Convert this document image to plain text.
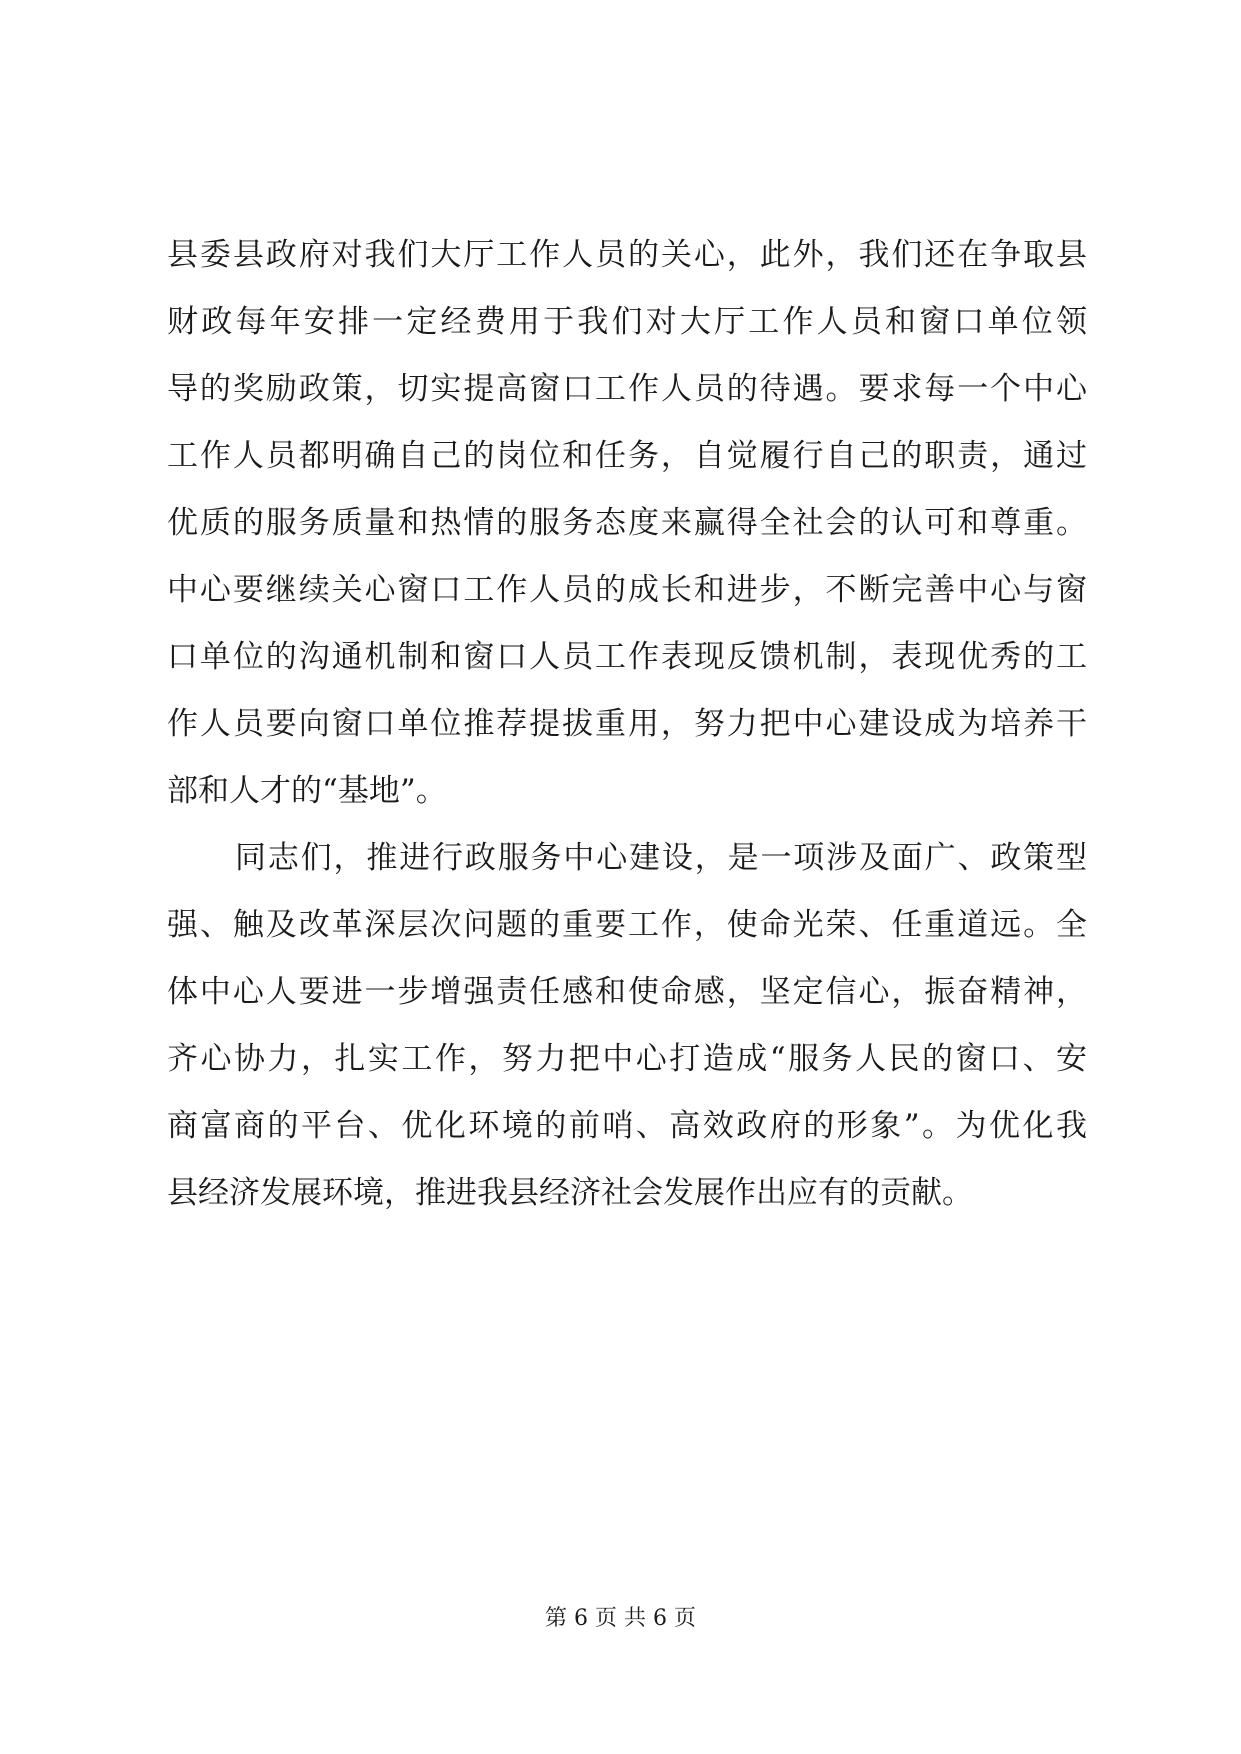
县委县政府对我们大厅工作人员的关心，此外，我们还在争取县
财政每年安排一定经费用于我们对大厅工作人员和窗口单位领
导的奖励政策，切实提高窗口工作人员的待遇。要求每一个中心
工作人员都明确自己的岗位和任务，自觉履行自己的职责，通过
优质的服务质量和热情的服务态度来赢得全社会的认可和尊重。
中心要继续关心窗口工作人员的成长和进步，不断完善中心与窗
口单位的沟通机制和窗口人员工作表现反馈机制，表现优秀的工
作人员要向窗口单位推荐提拔重用，努力把中心建设成为培养干
部和人才的“基地”。
同志们，推进行政服务中心建设，是一项涉及面广、政策型
强、触及改革深层次问题的重要工作，使命光荣、任重道远。全
体中心人要进一步增强责任感和使命感，坚定信心，振奋精神，
齐心协力，扎实工作，努力把中心打造成“服务人民的窗口、安
商富商的平台、优化环境的前哨、高效政府的形象”。为优化我
县经济发展环境，推进我县经济社会发展作出应有的贡献。
第 6 页 共 6 页
